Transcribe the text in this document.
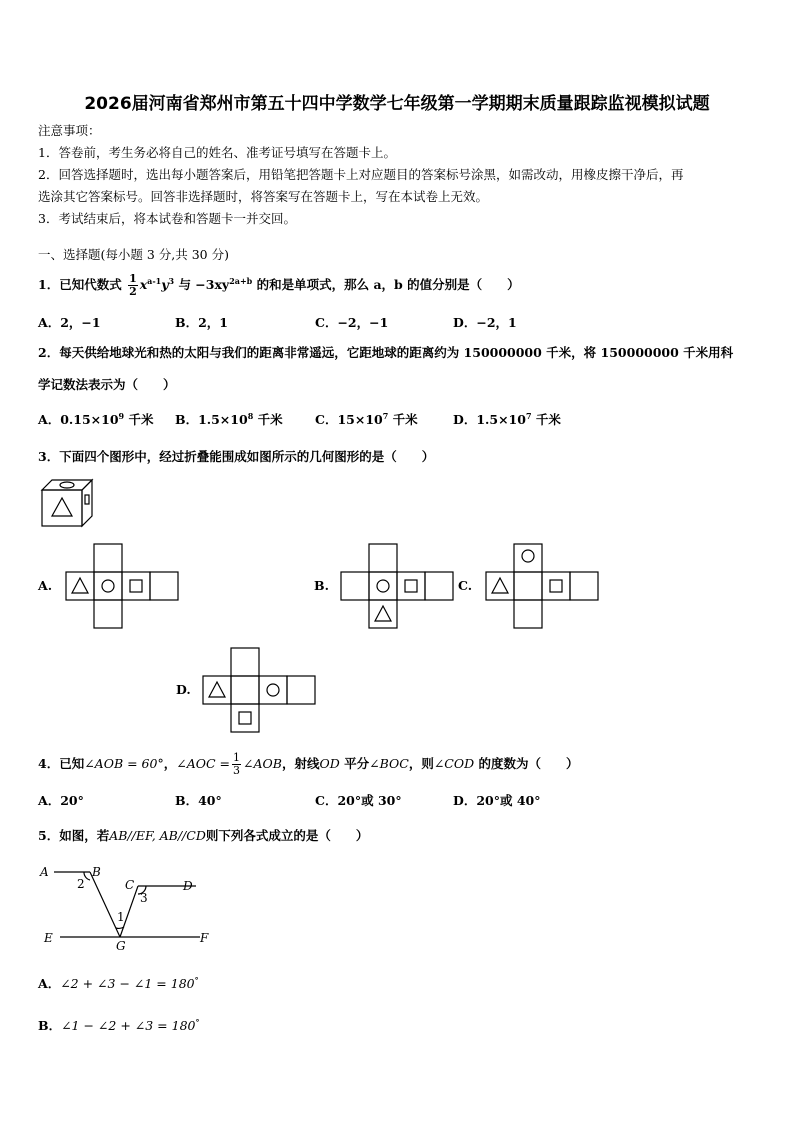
2026届河南省郑州市第五十四中学数学七年级第一学期期末质量跟踪监视模拟试题
注意事项：
1．答卷前，考生务必将自己的姓名、准考证号填写在答题卡上。
2．回答选择题时，选出每小题答案后，用铅笔把答题卡上对应题目的答案标号涂黑，如需改动，用橡皮擦干净后，再
选涂其它答案标号。回答非选择题时，将答案写在答题卡上，写在本试卷上无效。
3．考试结束后，将本试卷和答题卡一并交回。
一、选择题(每小题 3 分,共 30 分)
1．已知代数式 $\frac{1}{2} x^{a-1}y^3$ 与 $-3xy^{2a+b}$ 的和是单项式，那么 a，b 的值分别是（　　）
A．2，−1	B．2，1	C．−2，−1	D．−2，1
2．每天供给地球光和热的太阳与我们的距离非常遥远，它距地球的距离约为 150000000 千米，将 150000000 千米用科
学记数法表示为（　　）
A．$0.15\times 10^9$ 千米 B．$1.5\times 10^8$ 千米	C．$15\times 10^7$ 千米	D．$1.5\times 10^7$ 千米
3．下面四个图形中，经过折叠能围成如图所示的几何图形的是（　　）
A.	B.	C.
D.
4．已知∠AOB = 60°，∠AOC = $\frac{1}{3}$ ∠AOB，射线OD 平分∠BOC，则∠COD 的度数为（　　）
A．20°	B．40°	C．20°或 30°	D．20°或 40°
5．如图，若AB//EF, AB//CD则下列各式成立的是（　　）
A	B
2	C
3
D
1
E
G
F
A．∠2 + ∠3 − ∠1 = 180°
B．∠1 − ∠2 + ∠3 = 180°
